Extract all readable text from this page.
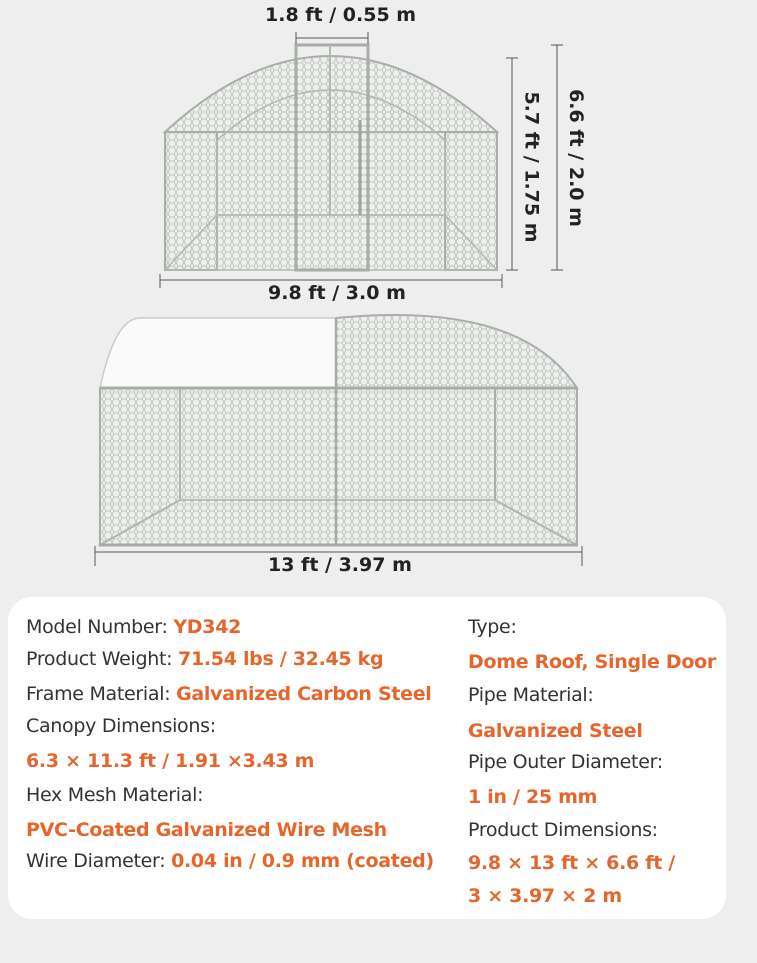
1.8 ft / 0.55 m
9.8 ft / 3.0 m
5.7 ft / 1.75 m 6.6 ft / 2.0 m
13 ft / 3.97 m
Model Number: YD342
Product Weight: 71.54 lbs / 32.45 kg
Frame Material: Galvanized Carbon Steel
Canopy Dimensions:
6.3 × 11.3 ft / 1.91 ×3.43 m
Hex Mesh Material:
PVC-Coated Galvanized Wire Mesh
Wire Diameter: 0.04 in / 0.9 mm (coated)
Type:
Dome Roof, Single Door
Pipe Material:
Galvanized Steel
Pipe Outer Diameter:
1 in / 25 mm
Product Dimensions:
9.8 × 13 ft × 6.6 ft /
3 × 3.97 × 2 m
